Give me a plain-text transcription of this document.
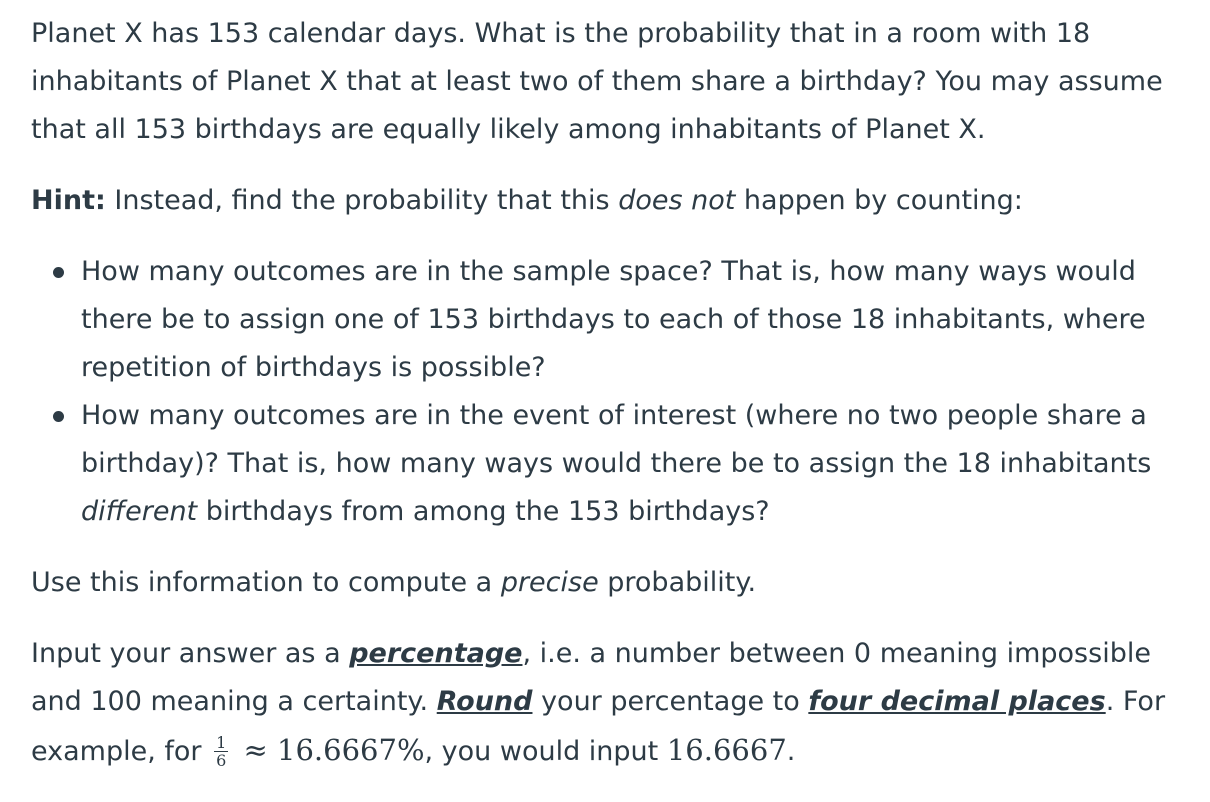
Planet X has 153 calendar days. What is the probability that in a room with 18 inhabitants of Planet X that at least two of them share a birthday? You may assume that all 153 birthdays are equally likely among inhabitants of Planet X.

Hint: Instead, find the probability that this does not happen by counting:

How many outcomes are in the sample space? That is, how many ways would there be to assign one of 153 birthdays to each of those 18 inhabitants, where repetition of birthdays is possible?
How many outcomes are in the event of interest (where no two people share a birthday)? That is, how many ways would there be to assign the 18 inhabitants different birthdays from among the 153 birthdays?

Use this information to compute a precise probability.

Input your answer as a percentage, i.e. a number between 0 meaning impossible and 100 meaning a certainty. Round your percentage to four decimal places. For example, for $\frac{1}{6} \approx 16.6667\%$, you would input 16.6667.
